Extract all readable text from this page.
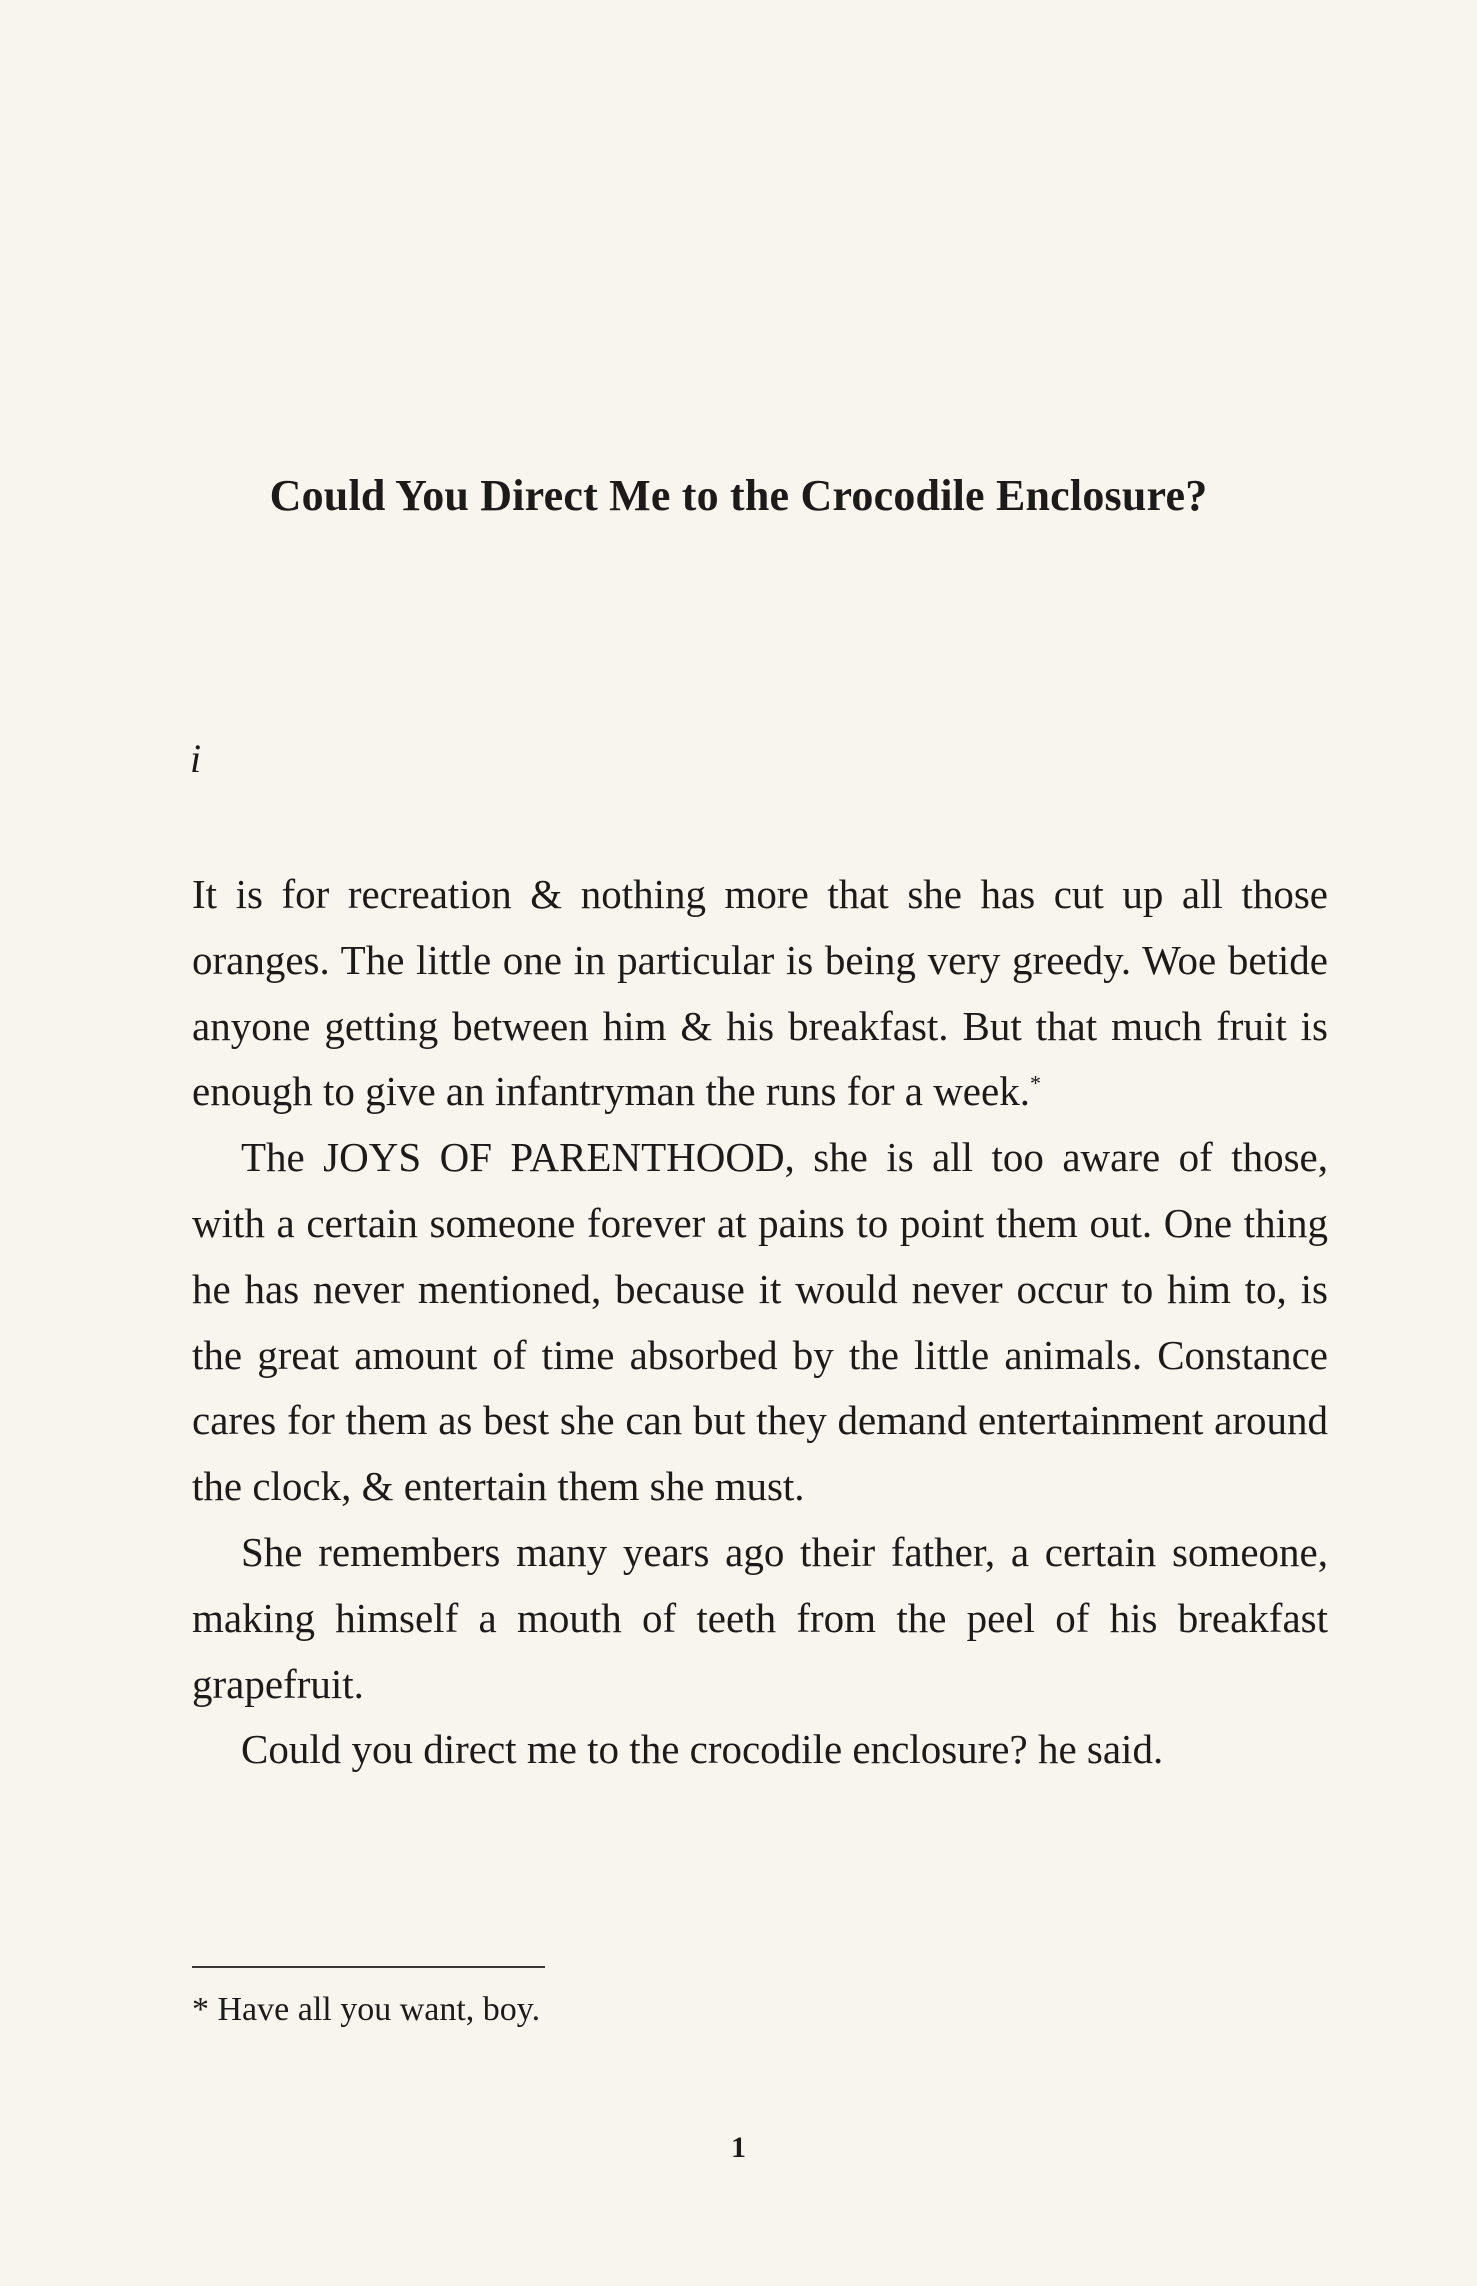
Could You Direct Me to the Crocodile Enclosure?
i

It is for recreation & nothing more that she has cut up all those oranges. The little one in particular is being very greedy. Woe betide anyone getting between him & his breakfast. But that much fruit is enough to give an infantryman the runs for a week.*

The JOYS OF PARENTHOOD, she is all too aware of those, with a certain someone forever at pains to point them out. One thing he has never mentioned, because it would never occur to him to, is the great amount of time absorbed by the little animals. Constance cares for them as best she can but they demand entertainment around the clock, & entertain them she must.

She remembers many years ago their father, a certain someone, making himself a mouth of teeth from the peel of his breakfast grapefruit.

Could you direct me to the crocodile enclosure? he said.

* Have all you want, boy.
1
